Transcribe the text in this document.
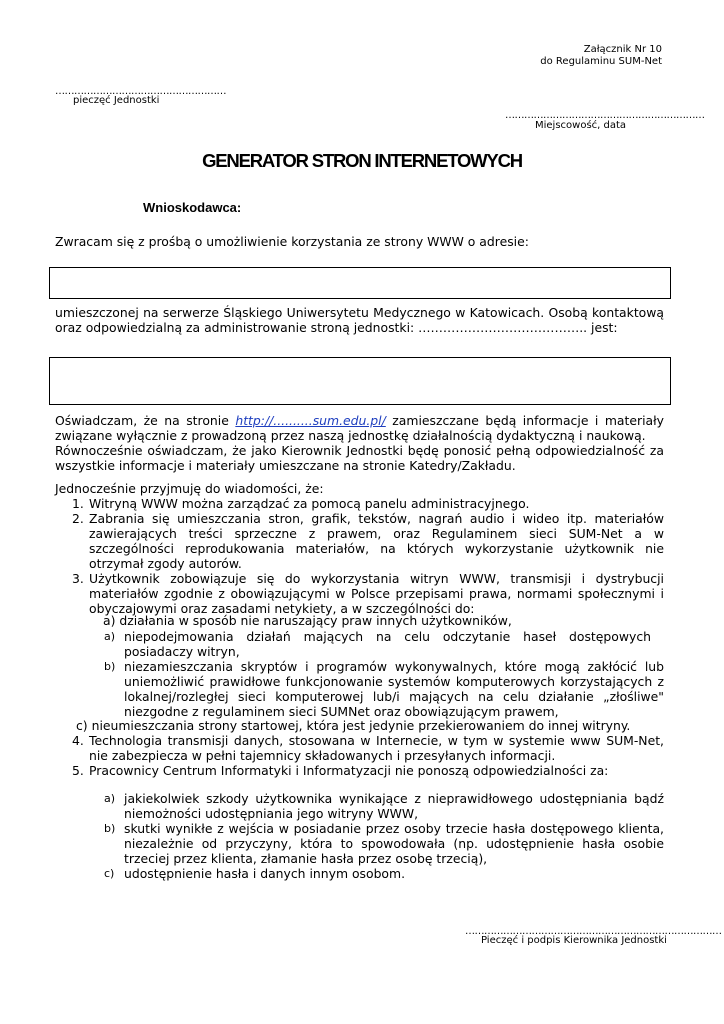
Załącznik Nr 10
do Regulaminu SUM-Net
………………………………………………
pieczęć Jednostki
………………………………………………………
Miejscowość, data
GENERATOR STRON INTERNETOWYCH
Wnioskodawca:
Zwracam się z prośbą o umożliwienie korzystania ze strony WWW o adresie:
umieszczonej na serwerze Śląskiego Uniwersytetu Medycznego w Katowicach. Osobą kontaktową oraz odpowiedzialną za administrowanie stroną jednostki: ………………………………….. jest:
Oświadczam, że na stronie http://..........sum.edu.pl/ zamieszczane będą informacje i materiały związane wyłącznie z prowadzoną przez naszą jednostkę działalnością dydaktyczną i naukową.
Równocześnie oświadczam, że jako Kierownik Jednostki będę ponosić pełną odpowiedzialność za wszystkie informacje i materiały umieszczane na stronie Katedry/Zakładu.
Jednocześnie przyjmuję do wiadomości, że:
1. Witryną WWW można zarządzać za pomocą panelu administracyjnego.
2. Zabrania się umieszczania stron, grafik, tekstów, nagrań audio i wideo itp. materiałów zawierających treści sprzeczne z prawem, oraz Regulaminem sieci SUM-Net a w szczególności reprodukowania materiałów, na których wykorzystanie użytkownik nie otrzymał zgody autorów.
3. Użytkownik zobowiązuje się do wykorzystania witryn WWW, transmisji i dystrybucji materiałów zgodnie z obowiązującymi w Polsce przepisami prawa, normami społecznymi i obyczajowymi oraz zasadami netykiety, a w szczególności do:
a) działania w sposób nie naruszający praw innych użytkowników,
a) niepodejmowania działań mających na celu odczytanie haseł dostępowych posiadaczy witryn,
b) niezamieszczania skryptów i programów wykonywalnych, które mogą zakłócić lub uniemożliwić prawidłowe funkcjonowanie systemów komputerowych korzystających z lokalnej/rozległej sieci komputerowej lub/i mających na celu działanie „złośliwe" niezgodne z regulaminem sieci SUMNet oraz obowiązującym prawem,
c) nieumieszczania strony startowej, która jest jedynie przekierowaniem do innej witryny.
4. Technologia transmisji danych, stosowana w Internecie, w tym w systemie www SUM-Net, nie zabezpiecza w pełni tajemnicy składowanych i przesyłanych informacji.
5. Pracownicy Centrum Informatyki i Informatyzacji nie ponoszą odpowiedzialności za:
a) jakiekolwiek szkody użytkownika wynikające z nieprawidłowego udostępniania bądź niemożności udostępniania jego witryny WWW,
b) skutki wynikłe z wejścia w posiadanie przez osoby trzecie hasła dostępowego klienta, niezależnie od przyczyny, która to spowodowała (np. udostępnienie hasła osobie trzeciej przez klienta, złamanie hasła przez osobę trzecią),
c) udostępnienie hasła i danych innym osobom.
………………………………………………………………………
Pieczęć i podpis Kierownika Jednostki
